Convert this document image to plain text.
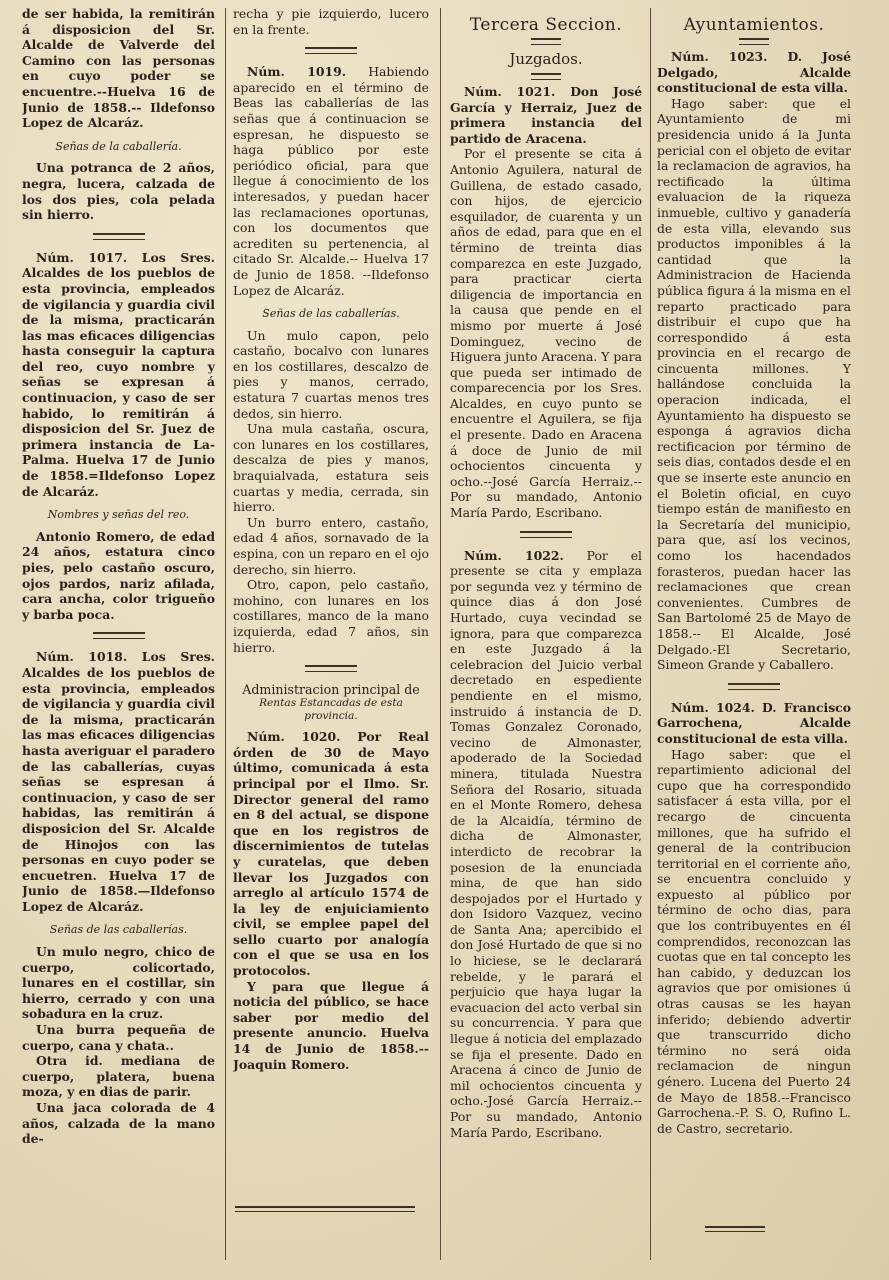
de ser habida, la remitirán á disposicion del Sr. Alcalde de Valverde del Camino con las personas en cuyo poder se encuentre.--Huelva 16 de Junio de 1858.-- Ildefonso Lopez de Alcaráz.

Señas de la caballería.

Una potranca de 2 años, negra, lucera, calzada de los dos pies, cola pelada sin hierro.

Núm. 1017. Los Sres. Alcaldes de los pueblos de esta provincia, empleados de vigilancia y guardia civil de la misma, practicarán las mas eficaces diligencias hasta conseguir la captura del reo, cuyo nombre y señas se expresan á continuacion, y caso de ser habido, lo remitirán á disposicion del Sr. Juez de primera instancia de La-Palma. Huelva 17 de Junio de 1858.=Ildefonso Lopez de Alcaráz.

Nombres y señas del reo.

Antonio Romero, de edad 24 años, estatura cinco pies, pelo castaño oscuro, ojos pardos, nariz afilada, cara ancha, color trigueño y barba poca.

Núm. 1018. Los Sres. Alcaldes de los pueblos de esta provincia, empleados de vigilancia y guardia civil de la misma, practicarán las mas eficaces diligencias hasta averiguar el paradero de las caballerías, cuyas señas se espresan á continuacion, y caso de ser habidas, las remitirán á disposicion del Sr. Alcalde de Hinojos con las personas en cuyo poder se encuetren. Huelva 17 de Junio de 1858.—Ildefonso Lopez de Alcaráz.

Señas de las caballerías.

Un mulo negro, chico de cuerpo, colicortado, lunares en el costillar, sin hierro, cerrado y con una sobadura en la cruz.

Una burra pequeña de cuerpo, cana y chata..

Otra id. mediana de cuerpo, platera, buena moza, y en dias de parir.

Una jaca colorada de 4 años, calzada de la mano de-

recha y pie izquierdo, lucero en la frente.

Núm. 1019. Habiendo aparecido en el término de Beas las caballerías de las señas que á continuacion se espresan, he dispuesto se haga público por este periódico oficial, para que llegue á conocimiento de los interesados, y puedan hacer las reclamaciones oportunas, con los documentos que acrediten su pertenencia, al citado Sr. Alcalde.-- Huelva 17 de Junio de 1858. --Ildefonso Lopez de Alcaráz.

Señas de las caballerías.

Un mulo capon, pelo castaño, bocalvo con lunares en los costillares, descalzo de pies y manos, cerrado, estatura 7 cuartas menos tres dedos, sin hierro.

Una mula castaña, oscura, con lunares en los costillares, descalza de pies y manos, braquialvada, estatura seis cuartas y media, cerrada, sin hierro.

Un burro entero, castaño, edad 4 años, sornavado de la espina, con un reparo en el ojo derecho, sin hierro.

Otro, capon, pelo castaño, mohino, con lunares en los costillares, manco de la mano izquierda, edad 7 años, sin hierro.

Administracion principal de

Rentas Estancadas de esta provincia.

Núm. 1020. Por Real órden de 30 de Mayo último, comunicada á esta principal por el Ilmo. Sr. Director general del ramo en 8 del actual, se dispone que en los registros de discernimientos de tutelas y curatelas, que deben llevar los Juzgados con arreglo al artículo 1574 de la ley de enjuiciamiento civil, se emplee papel del sello cuarto por analogía con el que se usa en los protocolos.

Y para que llegue á noticia del público, se hace saber por medio del presente anuncio. Huelva 14 de Junio de 1858.--Joaquin Romero.

Tercera Seccion.

Juzgados.

Núm. 1021. Don José García y Herraiz, Juez de primera instancia del partido de Aracena.

Por el presente se cita á Antonio Aguilera, natural de Guillena, de estado casado, con hijos, de ejercicio esquilador, de cuarenta y un años de edad, para que en el término de treinta dias comparezca en este Juzgado, para practicar cierta diligencia de importancia en la causa que pende en el mismo por muerte á José Dominguez, vecino de Higuera junto Aracena. Y para que pueda ser intimado de comparecencia por los Sres. Alcaldes, en cuyo punto se encuentre el Aguilera, se fija el presente. Dado en Aracena á doce de Junio de mil ochocientos cincuenta y ocho.--José García Herraiz.--Por su mandado, Antonio María Pardo, Escribano.

Núm. 1022. Por el presente se cita y emplaza por segunda vez y término de quince dias á don José Hurtado, cuya vecindad se ignora, para que comparezca en este Juzgado á la celebracion del Juicio verbal decretado en espediente pendiente en el mismo, instruido á instancia de D. Tomas Gonzalez Coronado, vecino de Almonaster, apoderado de la Sociedad minera, titulada Nuestra Señora del Rosario, situada en el Monte Romero, dehesa de la Alcaidía, término de dicha de Almonaster, interdicto de recobrar la posesion de la enunciada mina, de que han sido despojados por el Hurtado y don Isidoro Vazquez, vecino de Santa Ana; apercibido el don José Hurtado de que si no lo hiciese, se le declarará rebelde, y le parará el perjuicio que haya lugar la evacuacion del acto verbal sin su concurrencia. Y para que llegue á noticia del emplazado se fija el presente. Dado en Aracena á cinco de Junio de mil ochocientos cincuenta y ocho.-José García Herraiz.--Por su mandado, Antonio María Pardo, Escribano.

Ayuntamientos.

Núm. 1023. D. José Delgado, Alcalde constitucional de esta villa.

Hago saber: que el Ayuntamiento de mi presidencia unido á la Junta pericial con el objeto de evitar la reclamacion de agravios, ha rectificado la última evaluacion de la riqueza inmueble, cultivo y ganadería de esta villa, elevando sus productos imponibles á la cantidad que la Administracion de Hacienda pública figura á la misma en el reparto practicado para distribuir el cupo que ha correspondido á esta provincia en el recargo de cincuenta millones. Y hallándose concluida la operacion indicada, el Ayuntamiento ha dispuesto se esponga á agravios dicha rectificacion por término de seis dias, contados desde el en que se inserte este anuncio en el Boletin oficial, en cuyo tiempo están de manifiesto en la Secretaría del municipio, para que, así los vecinos, como los hacendados forasteros, puedan hacer las reclamaciones que crean convenientes. Cumbres de San Bartolomé 25 de Mayo de 1858.-- El Alcalde, José Delgado.-El Secretario, Simeon Grande y Caballero.

Núm. 1024. D. Francisco Garrochena, Alcalde constitucional de esta villa.

Hago saber: que el repartimiento adicional del cupo que ha correspondido satisfacer á esta villa, por el recargo de cincuenta millones, que ha sufrido el general de la contribucion territorial en el corriente año, se encuentra concluido y expuesto al público por término de ocho dias, para que los contribuyentes en él comprendidos, reconozcan las cuotas que en tal concepto les han cabido, y deduzcan los agravios que por omisiones ú otras causas se les hayan inferido; debiendo advertir que transcurrido dicho término no será oida reclamacion de ningun género. Lucena del Puerto 24 de Mayo de 1858.--Francisco Garrochena.-P. S. O, Rufino L. de Castro, secretario.
